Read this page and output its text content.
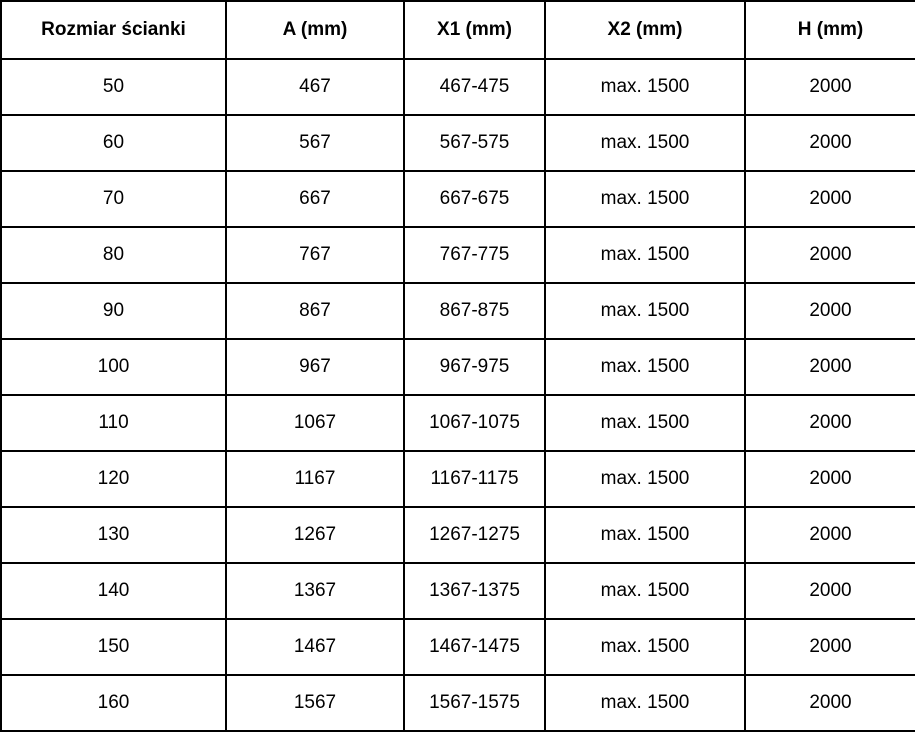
Rozmiar ścianki	A (mm)	X1 (mm)	X2 (mm)	H (mm)
50	467	467-475	max. 1500	2000
60	567	567-575	max. 1500	2000
70	667	667-675	max. 1500	2000
80	767	767-775	max. 1500	2000
90	867	867-875	max. 1500	2000
100	967	967-975	max. 1500	2000
110	1067	1067-1075	max. 1500	2000
120	1167	1167-1175	max. 1500	2000
130	1267	1267-1275	max. 1500	2000
140	1367	1367-1375	max. 1500	2000
150	1467	1467-1475	max. 1500	2000
160	1567	1567-1575	max. 1500	2000
